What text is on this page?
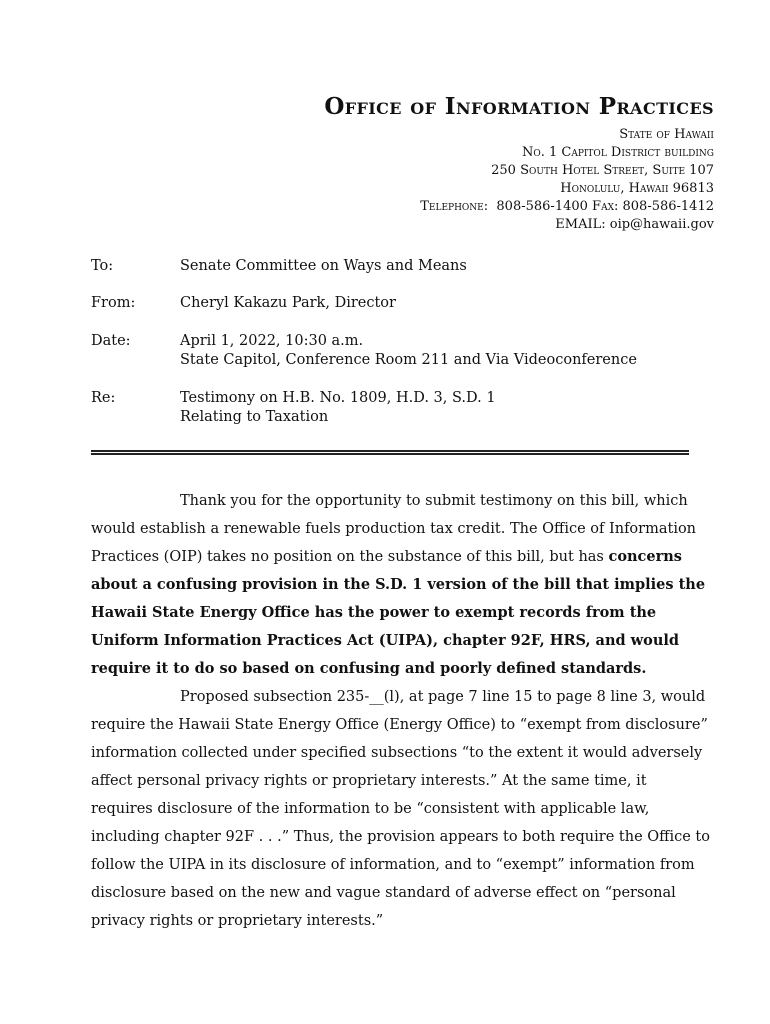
Office of Information Practices
State of Hawaii
No. 1 Capitol District building
250 South Hotel Street, Suite 107
Honolulu, Hawaii 96813
Telephone: 808-586-1400 Fax: 808-586-1412
EMAIL: oip@hawaii.gov
To:	Senate Committee on Ways and Means
From:	Cheryl Kakazu Park, Director
Date:	April 1, 2022, 10:30 a.m.
State Capitol, Conference Room 211 and Via Videoconference
Re:	Testimony on H.B. No. 1809, H.D. 3, S.D. 1
Relating to Taxation
Thank you for the opportunity to submit testimony on this bill, which
would establish a renewable fuels production tax credit. The Office of Information
Practices (OIP) takes no position on the substance of this bill, but has concerns
about a confusing provision in the S.D. 1 version of the bill that implies the
Hawaii State Energy Office has the power to exempt records from the
Uniform Information Practices Act (UIPA), chapter 92F, HRS, and would
require it to do so based on confusing and poorly defined standards.
Proposed subsection 235-__(l), at page 7 line 15 to page 8 line 3, would
require the Hawaii State Energy Office (Energy Office) to “exempt from disclosure”
information collected under specified subsections “to the extent it would adversely
affect personal privacy rights or proprietary interests.” At the same time, it
requires disclosure of the information to be “consistent with applicable law,
including chapter 92F . . .” Thus, the provision appears to both require the Office to
follow the UIPA in its disclosure of information, and to “exempt” information from
disclosure based on the new and vague standard of adverse effect on “personal
privacy rights or proprietary interests.”
